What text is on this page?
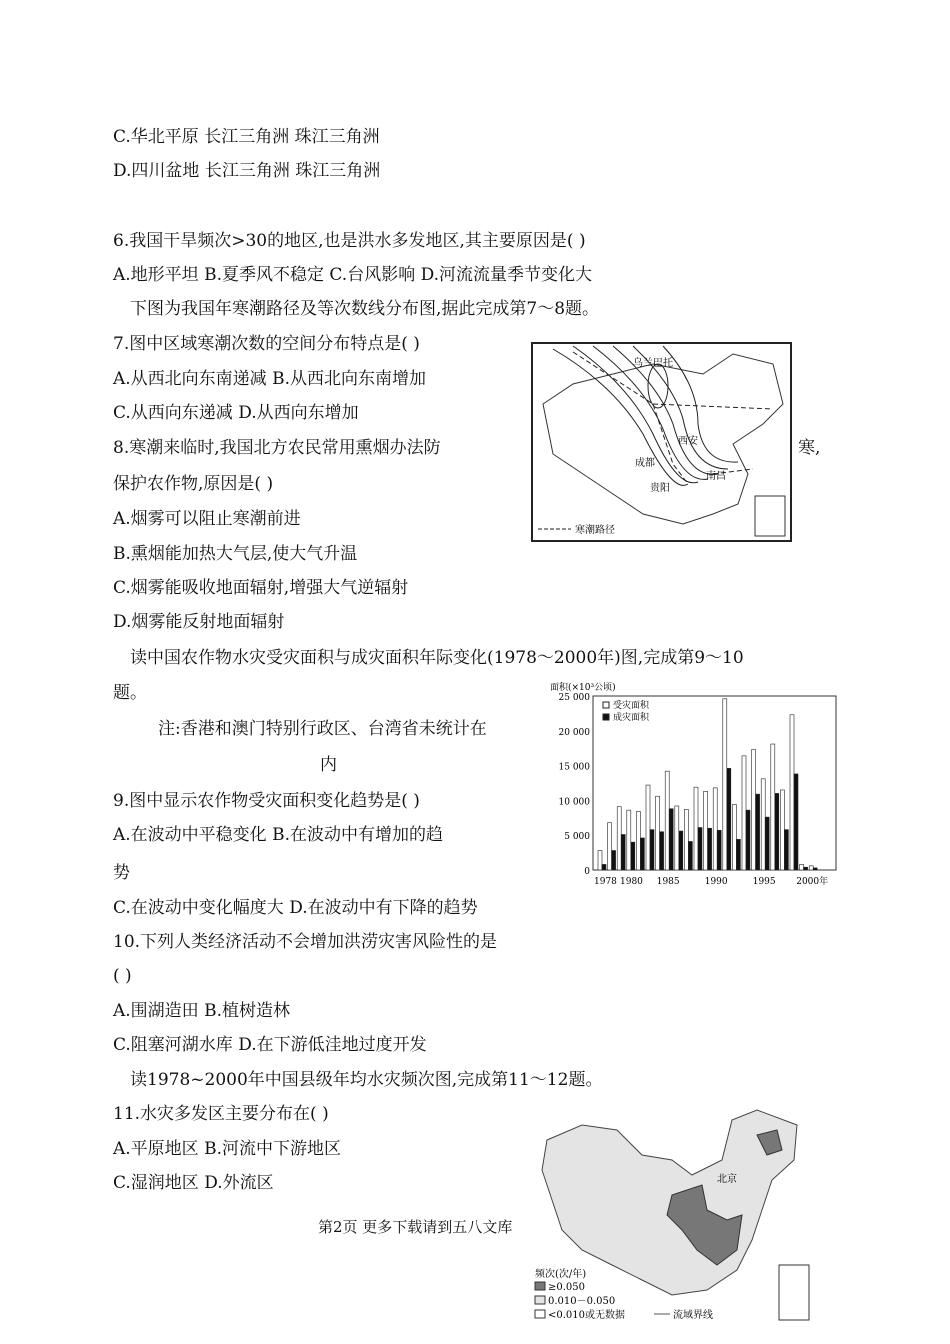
C.华北平原 长江三角洲 珠江三角洲
D.四川盆地 长江三角洲 珠江三角洲
6.我国干旱频次>30的地区,也是洪水多发地区,其主要原因是( )
A.地形平坦 B.夏季风不稳定 C.台风影响 D.河流流量季节变化大
下图为我国年寒潮路径及等次数线分布图,据此完成第7～8题。
7.图中区域寒潮次数的空间分布特点是( )
A.从西北向东南递减 B.从西北向东南增加
C.从西向东递减 D.从西向东增加
8.寒潮来临时,我国北方农民常用熏烟办法防	寒,
保护农作物,原因是( )
A.烟雾可以阻止寒潮前进
B.熏烟能加热大气层,使大气升温
C.烟雾能吸收地面辐射,增强大气逆辐射
D.烟雾能反射地面辐射
读中国农作物水灾受灾面积与成灾面积年际变化(1978～2000年)图,完成第9～10
题。
注:香港和澳门特别行政区、台湾省未统计在
内
9.图中显示农作物受灾面积变化趋势是( )
A.在波动中平稳变化 B.在波动中有增加的趋
势
C.在波动中变化幅度大 D.在波动中有下降的趋势
10.下列人类经济活动不会增加洪涝灾害风险性的是
( )
A.围湖造田 B.植树造林
C.阻塞河湖水库 D.在下游低洼地过度开发
读1978~2000年中国县级年均水灾频次图,完成第11～12题。
11.水灾多发区主要分布在( )
A.平原地区 B.河流中下游地区
C.湿润地区 D.外流区
第2页 更多下载请到五八文库
乌兰巴托
西安
成都
贵阳
南昌
寒潮路径
面积(×10³公顷)
0
5 000
10 000
15 000
20 000
25 000
1978 1980 1985	1990	1995 2000年
受灾面积
成灾面积
北京
频次(次/年)
≥0.050
0.010－0.050
<0.010或无数据	流域界线
